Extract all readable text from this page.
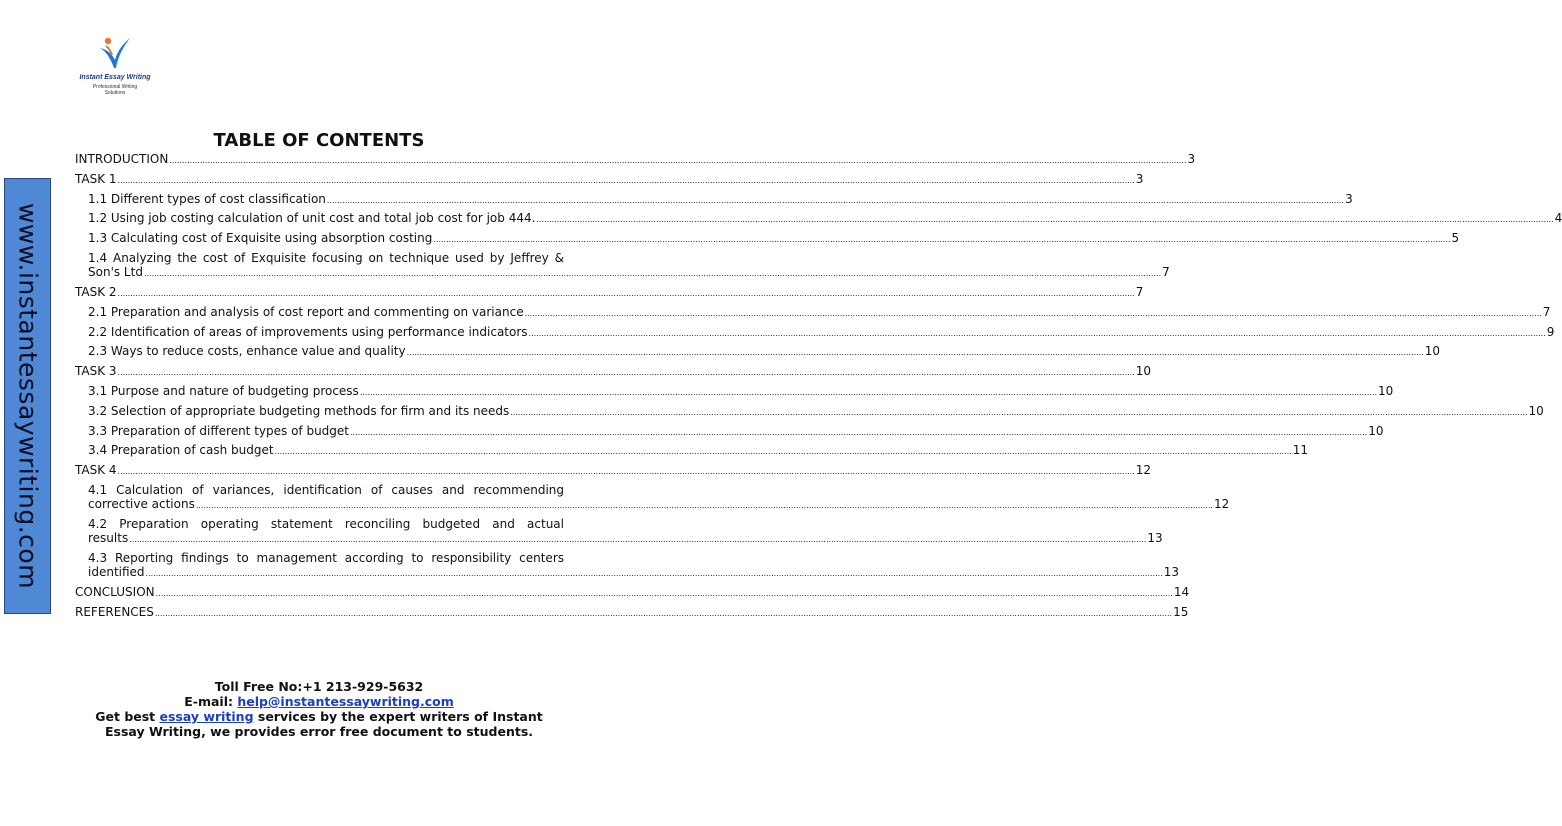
Instant Essay Writing
Professional Writing
Solutions
www.instantessaywriting.com
TABLE OF CONTENTS
INTRODUCTION ................................................................................................................................................................................................................................................................................................................................................................................................................ 3
TASK 1 ................................................................................................................................................................................................................................................................................................................................................................................................................ 3
1.1 Different types of cost classification ................................................................................................................................................................................................................................................................................................................................................................................................................ 3
1.2 Using job costing calculation of unit cost and total job cost for job 444. ................................................................................................................................................................................................................................................................................................................................................................................................................ 4
1.3 Calculating cost of Exquisite using absorption costing ................................................................................................................................................................................................................................................................................................................................................................................................................ 5
1.4 Analyzing the cost of Exquisite focusing on technique used by Jeffrey &
Son's Ltd ................................................................................................................................................................................................................................................................................................................................................................................................................ 7
TASK 2 ................................................................................................................................................................................................................................................................................................................................................................................................................ 7
2.1 Preparation and analysis of cost report and commenting on variance ................................................................................................................................................................................................................................................................................................................................................................................................................ 7
2.2 Identification of areas of improvements using performance indicators ................................................................................................................................................................................................................................................................................................................................................................................................................ 9
2.3 Ways to reduce costs, enhance value and quality ................................................................................................................................................................................................................................................................................................................................................................................................................ 10
TASK 3 ................................................................................................................................................................................................................................................................................................................................................................................................................ 10
3.1 Purpose and nature of budgeting process ................................................................................................................................................................................................................................................................................................................................................................................................................ 10
3.2 Selection of appropriate budgeting methods for firm and its needs ................................................................................................................................................................................................................................................................................................................................................................................................................ 10
3.3 Preparation of different types of budget ................................................................................................................................................................................................................................................................................................................................................................................................................ 10
3.4 Preparation of cash budget ................................................................................................................................................................................................................................................................................................................................................................................................................ 11
TASK 4 ................................................................................................................................................................................................................................................................................................................................................................................................................ 12
4.1 Calculation of variances, identification of causes and recommending
corrective actions ................................................................................................................................................................................................................................................................................................................................................................................................................ 12
4.2 Preparation operating statement reconciling budgeted and actual
results ................................................................................................................................................................................................................................................................................................................................................................................................................ 13
4.3 Reporting findings to management according to responsibility centers
identified ................................................................................................................................................................................................................................................................................................................................................................................................................ 13
CONCLUSION ................................................................................................................................................................................................................................................................................................................................................................................................................ 14
REFERENCES ................................................................................................................................................................................................................................................................................................................................................................................................................ 15
Toll Free No:+1 213-929-5632
E-mail: help@instantessaywriting.com
Get best essay writing services by the expert writers of Instant
Essay Writing, we provides error free document to students.
